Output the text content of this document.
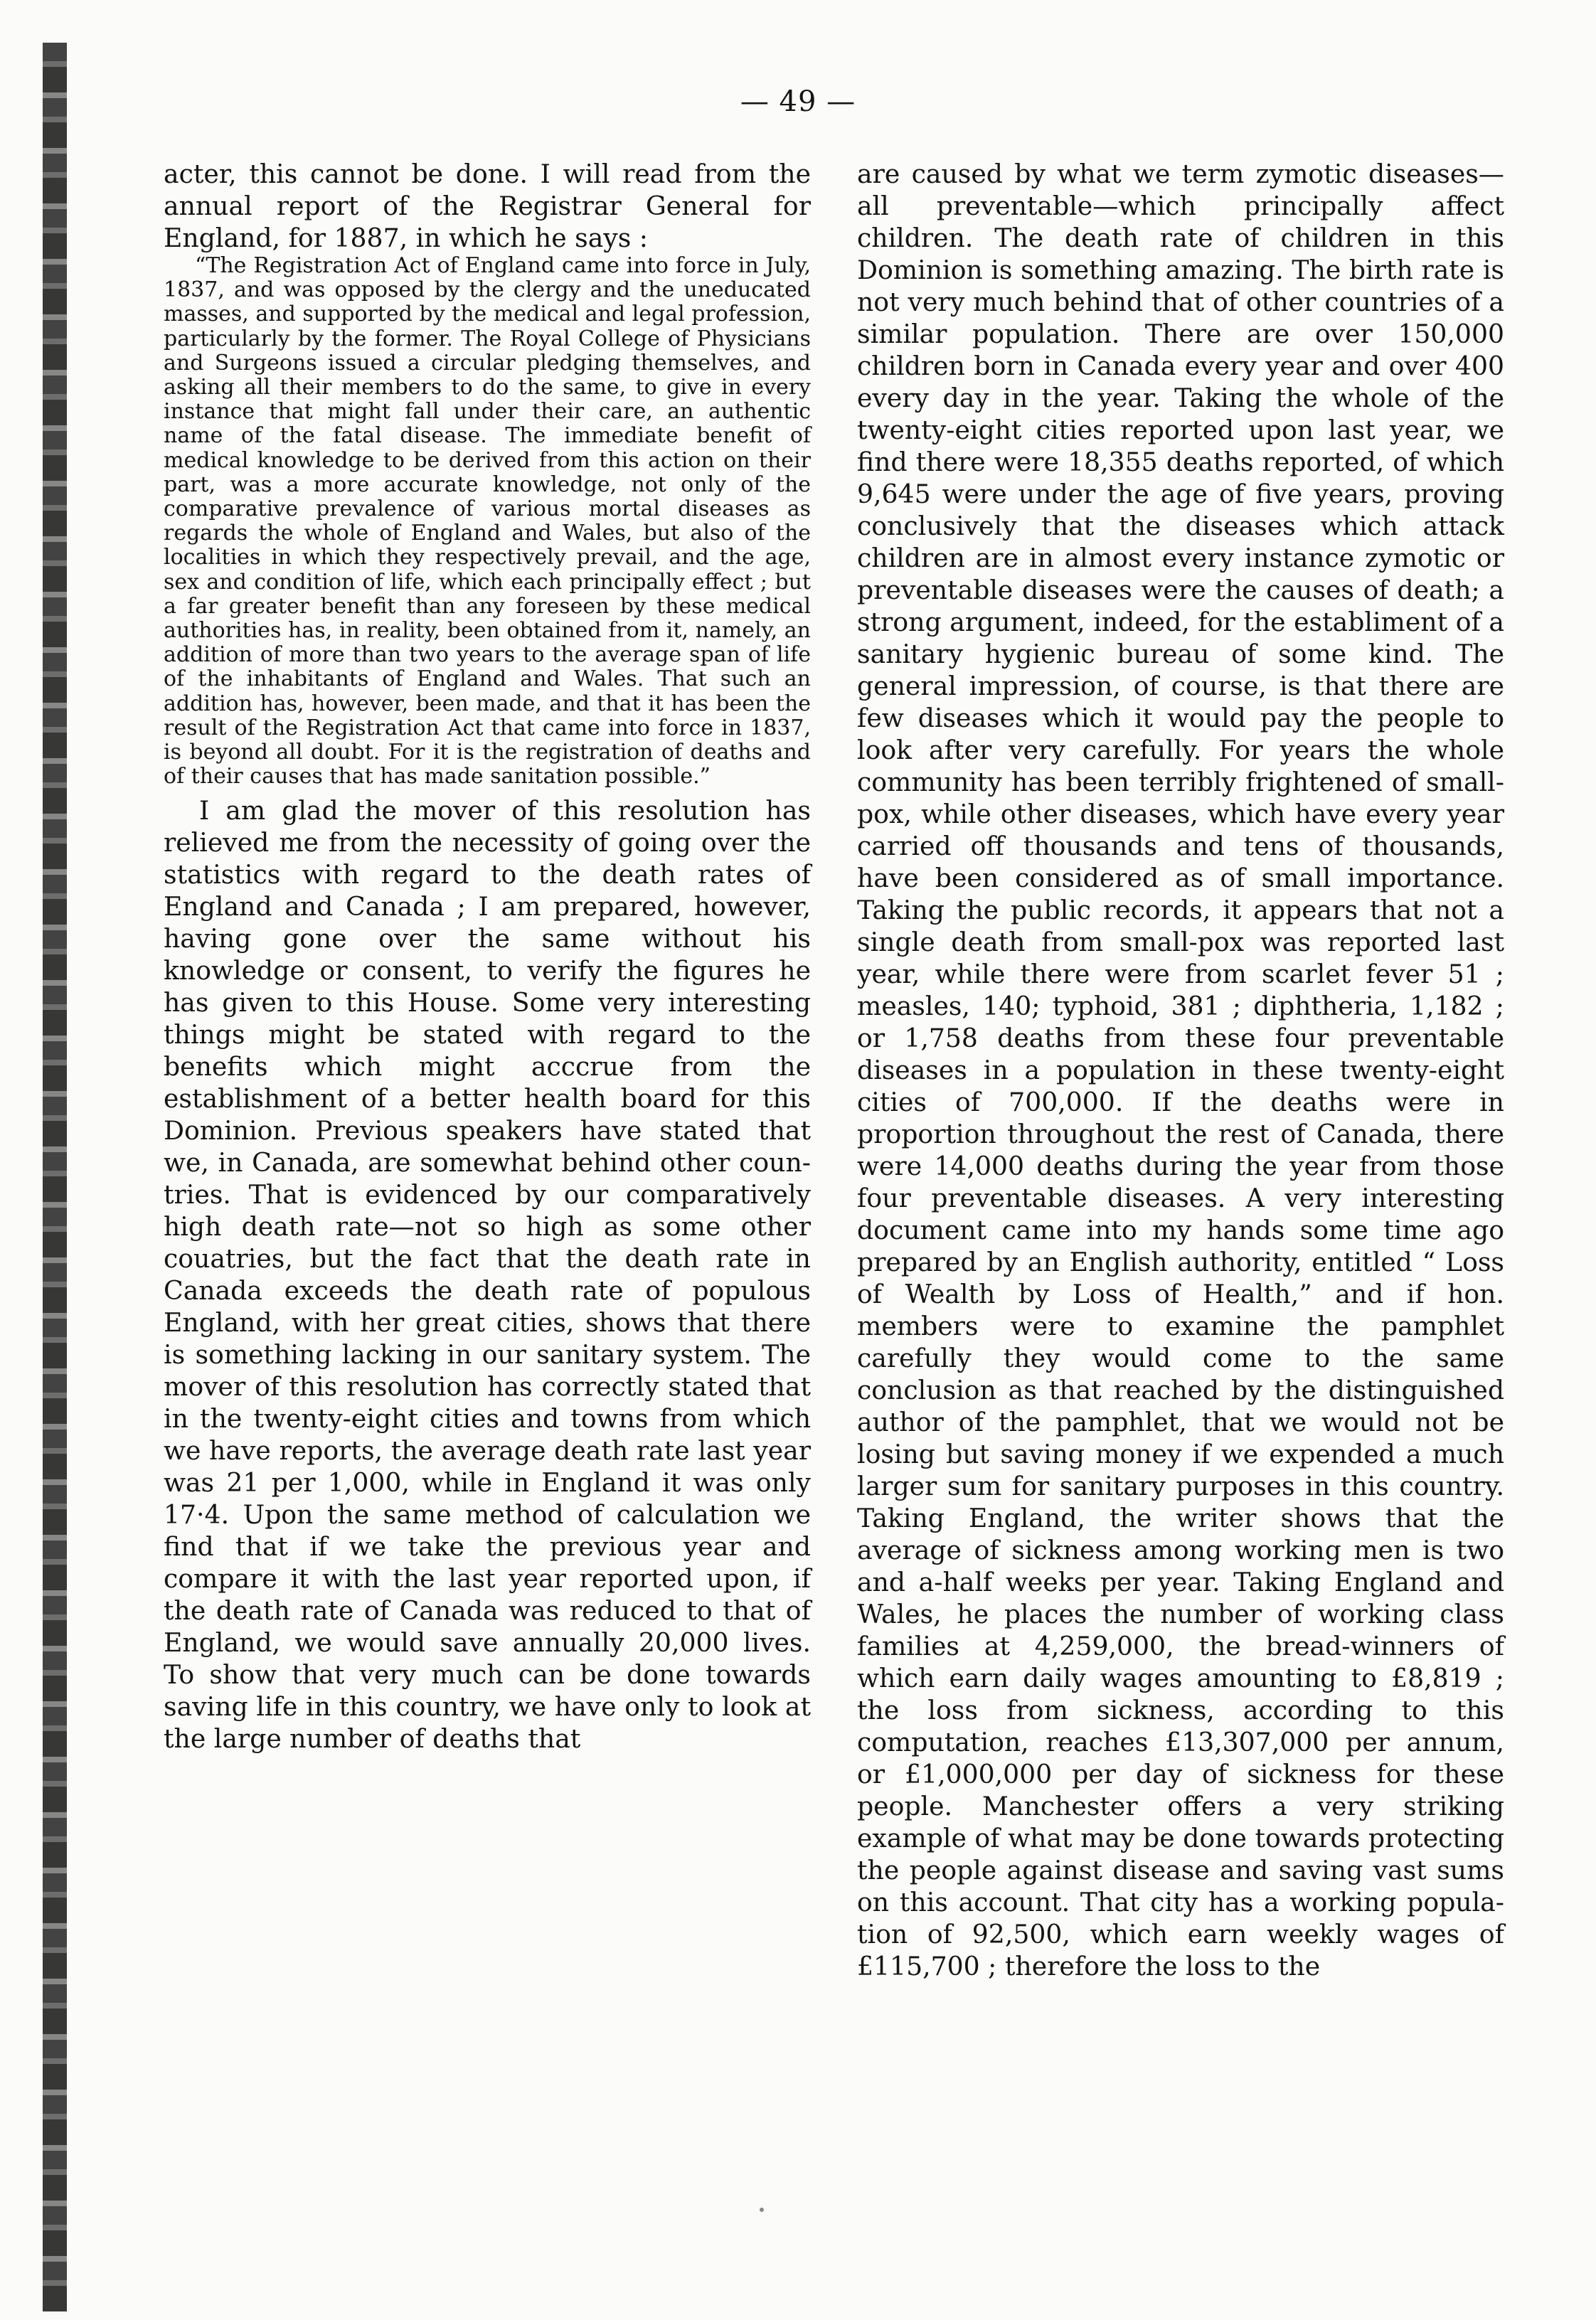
— 49 —

acter, this cannot be done. I will read from the annual report of the Registrar General for England, for 1887, in which he says :

“The Registration Act of England came into force in July, 1837, and was opposed by the clergy and the uneducated masses, and supported by the medical and legal profession, particularly by the former. The Royal College of Physicians and Surgeons issued a circular pledging themselves, and asking all their members to do the same, to give in every instance that might fall under their care, an authentic name of the fatal disease. The immediate benefit of medical knowledge to be derived from this action on their part, was a more accurate knowledge, not only of the comparative prevalence of various mortal diseases as regards the whole of England and Wales, but also of the localities in which they respectively prevail, and the age, sex and condition of life, which each principally effect ; but a far greater benefit than any foreseen by these medical authorities has, in reality, been obtained from it, namely, an addition of more than two years to the average span of life of the inhabitants of England and Wales. That such an addition has, however, been made, and that it has been the result of the Registration Act that came into force in 1837, is beyond all doubt. For it is the registration of deaths and of their causes that has made sanitation possible.”

I am glad the mover of this resolution has relieved me from the necessity of going over the statistics with regard to the death rates of England and Canada ; I am prepared, however, having gone over the same without his knowledge or consent, to verify the figures he has given to this House. Some very interesting things might be stated with regard to the benefits which might acccrue from the establishment of a better health board for this Dominion. Previous speakers have stated that we, in Canada, are somewhat behind other countries. That is evidenced by our comparatively high death rate—not so high as some other couatries, but the fact that the death rate in Canada exceeds the death rate of populous England, with her great cities, shows that there is something lacking in our sanitary system. The mover of this resolution has correctly stated that in the twenty-eight cities and towns from which we have reports, the average death rate last year was 21 per 1,000, while in England it was only 17·4. Upon the same method of calculation we find that if we take the previous year and compare it with the last year reported upon, if the death rate of Canada was reduced to that of England, we would save annually 20,000 lives. To show that very much can be done towards saving life in this country, we have only to look at the large number of deaths that

are caused by what we term zymotic diseases—all preventable—which principally affect children. The death rate of children in this Dominion is something amazing. The birth rate is not very much behind that of other countries of a similar population. There are over 150,000 children born in Canada every year and over 400 every day in the year. Taking the whole of the twenty-eight cities reported upon last year, we find there were 18,355 deaths reported, of which 9,645 were under the age of five years, proving conclusively that the diseases which attack children are in almost every instance zymotic or preventable diseases were the causes of death; a strong argument, indeed, for the establiment of a sanitary hygienic bureau of some kind. The general impression, of course, is that there are few diseases which it would pay the people to look after very carefully. For years the whole community has been terribly frightened of small-pox, while other diseases, which have every year carried off thousands and tens of thousands, have been considered as of small importance. Taking the public records, it appears that not a single death from small-pox was reported last year, while there were from scarlet fever 51 ; measles, 140; typhoid, 381 ; diphtheria, 1,182 ; or 1,758 deaths from these four preventable diseases in a population in these twenty-eight cities of 700,000. If the deaths were in proportion throughout the rest of Canada, there were 14,000 deaths during the year from those four preventable diseases. A very interesting document came into my hands some time ago prepared by an English authority, entitled “ Loss of Wealth by Loss of Health,” and if hon. members were to examine the pamphlet carefully they would come to the same conclusion as that reached by the distinguished author of the pamphlet, that we would not be losing but saving money if we expended a much larger sum for sanitary purposes in this country. Taking England, the writer shows that the average of sickness among working men is two and a-half weeks per year. Taking England and Wales, he places the number of working class families at 4,259,000, the bread-winners of which earn daily wages amounting to £8,819 ; the loss from sickness, according to this computation, reaches £13,307,000 per annum, or £1,000,000 per day of sickness for these people. Manchester offers a very striking example of what may be done towards protecting the people against disease and saving vast sums on this account. That city has a working population of 92,500, which earn weekly wages of £115,700 ; therefore the loss to the
